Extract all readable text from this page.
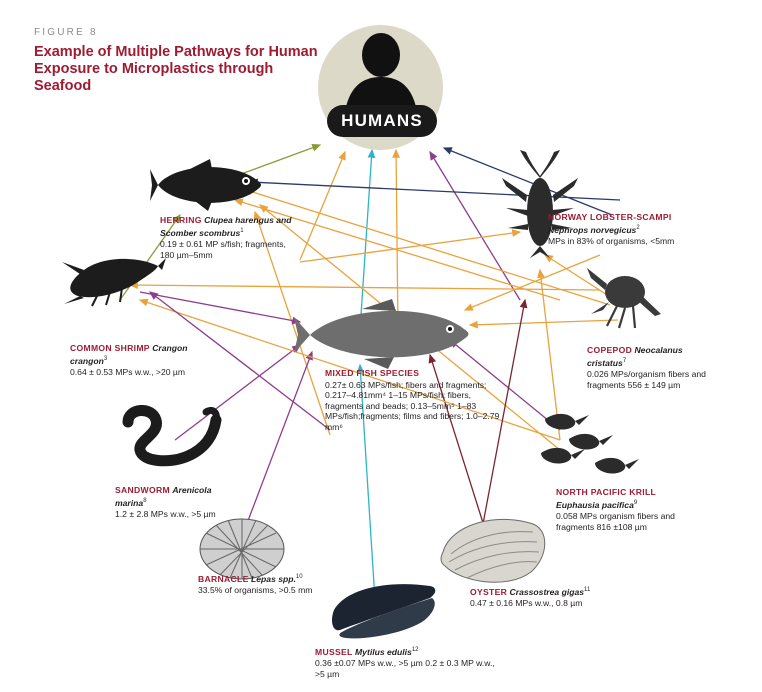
FIGURE 8
Example of Multiple Pathways for Human Exposure to Microplastics through Seafood
HUMANS
HERRING Clupea harengus and Scomber scombrus$^1$
0.19 ± 0.61 MP s/fish; fragments, 180 µm–5mm
NORWAY LOBSTER-SCAMPI Nephrops norvegicus$^2$
MPs in 83% of organisms, <5mm
COMMON SHRIMP Crangon crangon$^3$
0.64 ± 0.53 MPs w.w., >20 µm
COPEPOD Neocalanus cristatus$^7$
0.026 MPs/organism fibers and fragments 556 ± 149 µm
MIXED FISH SPECIES
0.27± 0.63 MPs/fish; fibers and fragments; 0.217–4.81mm⁴ 1–15 MPs/fish; fibers, fragments and beads; 0.13–5mm⁵ 1–83 MPs/fish;fragments; films and fibers; 1.0–2.79 mm⁶
SANDWORM Arenicola marina$^8$
1.2 ± 2.8 MPs w.w., >5 µm
NORTH PACIFIC KRILL Euphausia pacifica$^9$
0.058 MPs organism fibers and fragments 816 ±108 µm
BARNACLE Lepas spp.$^{10}$
33.5% of organisms, >0.5 mm	OYSTER Crassostrea gigas$^{11}$
0.47 ± 0.16 MPs w.w., 0.8 µm
MUSSEL Mytilus edulis$^{12}$
0.36 ±0.07 MPs w.w., >5 µm 0.2 ± 0.3 MP w.w., >5 µm
